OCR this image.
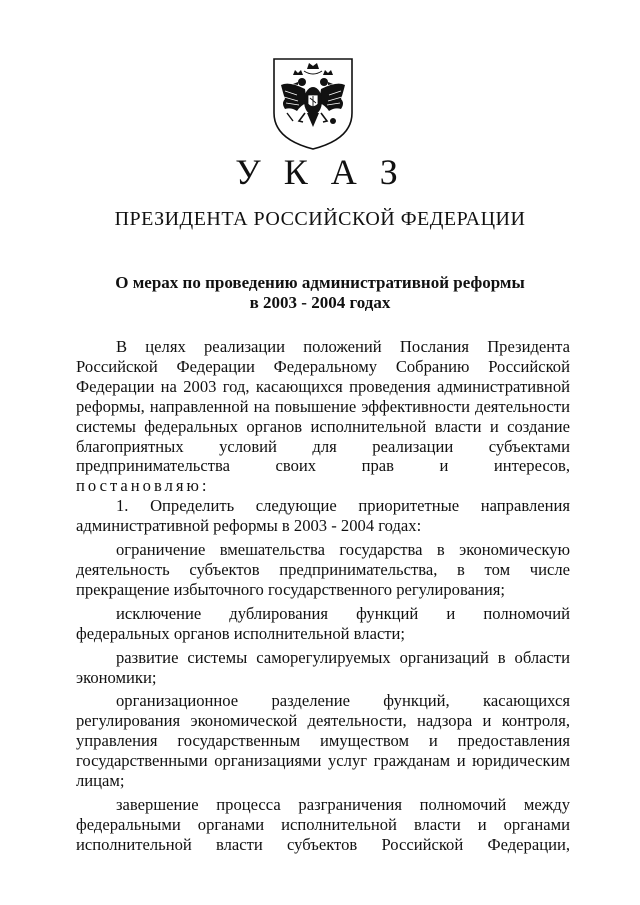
У К А З
ПРЕЗИДЕНТА РОССИЙСКОЙ ФЕДЕРАЦИИ
О мерах по проведению административной реформы
в 2003 - 2004 годах

В целях реализации положений Послания Президента Российской Федерации Федеральному Собранию Российской Федерации на 2003 год, касающихся проведения административной реформы, направленной на повышение эффективности деятельности системы федеральных органов исполнительной власти и создание благоприятных условий для реализации субъектами предпринимательства своих прав и интересов,

постановляю:

1. Определить следующие приоритетные направления административной реформы в 2003 - 2004 годах:

ограничение вмешательства государства в экономическую деятельность субъектов предпринимательства, в том числе прекращение избыточного государственного регулирования;

исключение дублирования функций и полномочий федеральных органов исполнительной власти;

развитие системы саморегулируемых организаций в области экономики;

организационное разделение функций, касающихся регулирования экономической деятельности, надзора и контроля, управления государственным имуществом и предоставления государственными организациями услуг гражданам и юридическим лицам;

завершение процесса разграничения полномочий между федеральными органами исполнительной власти и органами исполнительной власти субъектов Российской Федерации,
